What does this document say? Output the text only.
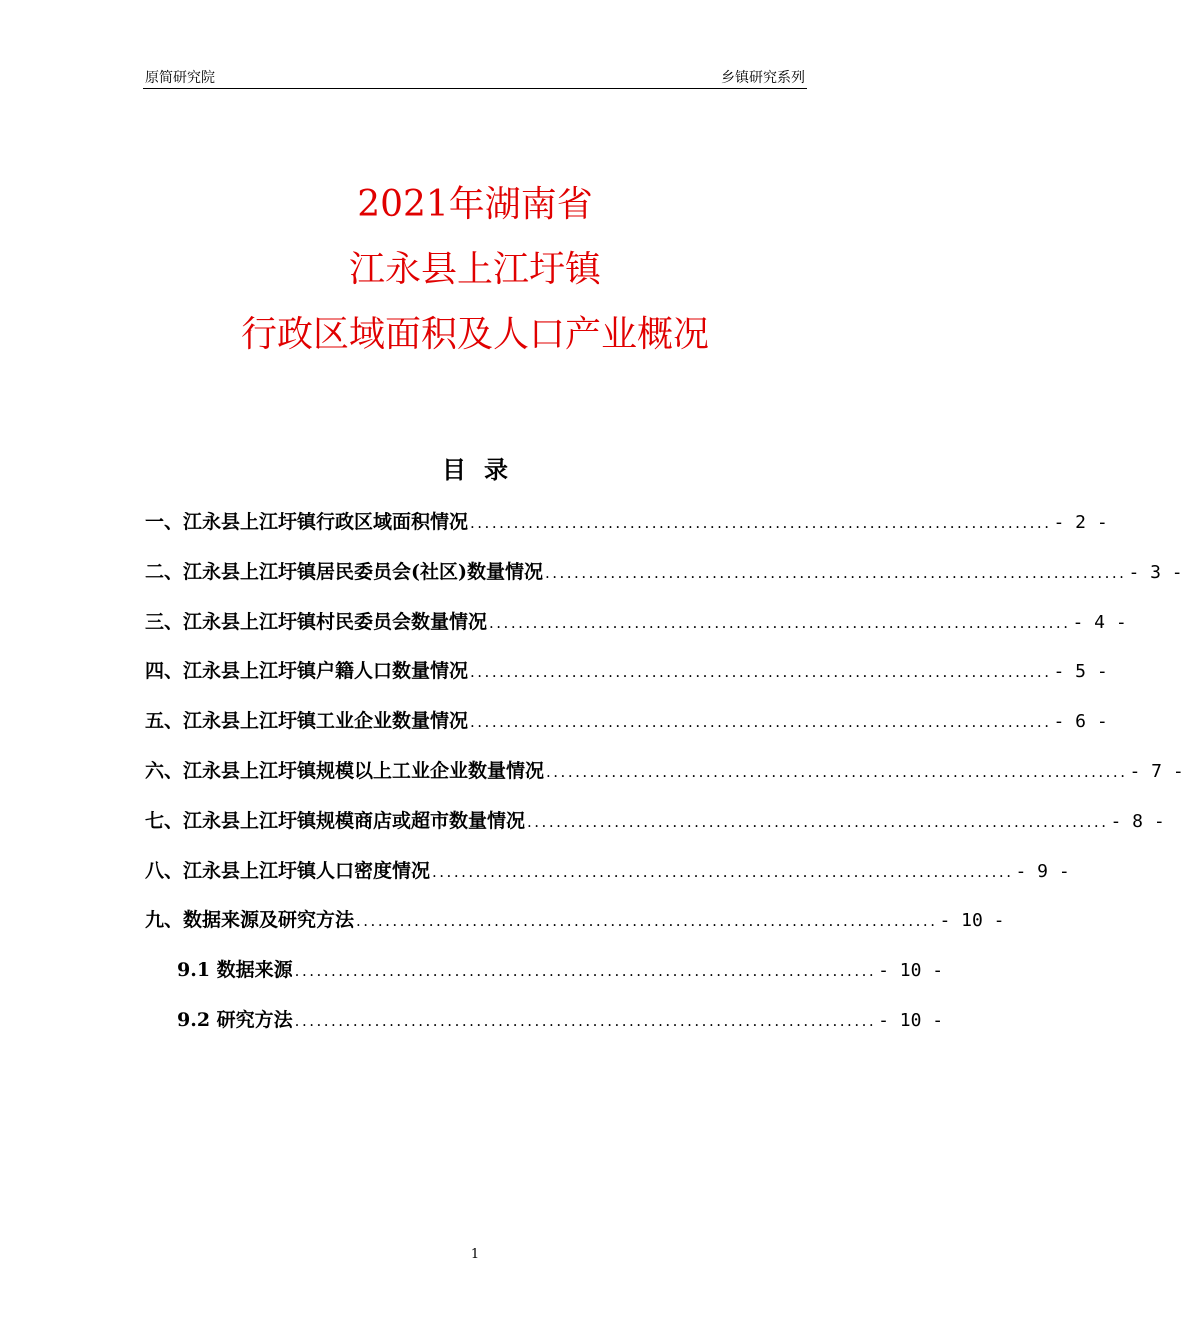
原简研究院	乡镇研究系列
2021年湖南省
江永县上江圩镇
行政区域面积及人口产业概况
目录
一、江永县上江圩镇行政区域面积情况 ................................................................................ - 2 -
二、江永县上江圩镇居民委员会(社区)数量情况 ................................................................................ - 3 -
三、江永县上江圩镇村民委员会数量情况 ................................................................................ - 4 -
四、江永县上江圩镇户籍人口数量情况 ................................................................................ - 5 -
五、江永县上江圩镇工业企业数量情况 ................................................................................ - 6 -
六、江永县上江圩镇规模以上工业企业数量情况 ................................................................................ - 7 -
七、江永县上江圩镇规模商店或超市数量情况 ................................................................................ - 8 -
八、江永县上江圩镇人口密度情况 ................................................................................ - 9 -
九、数据来源及研究方法 ................................................................................ - 10 -
9.1 数据来源 ................................................................................ - 10 -
9.2 研究方法 ................................................................................ - 10 -
1
